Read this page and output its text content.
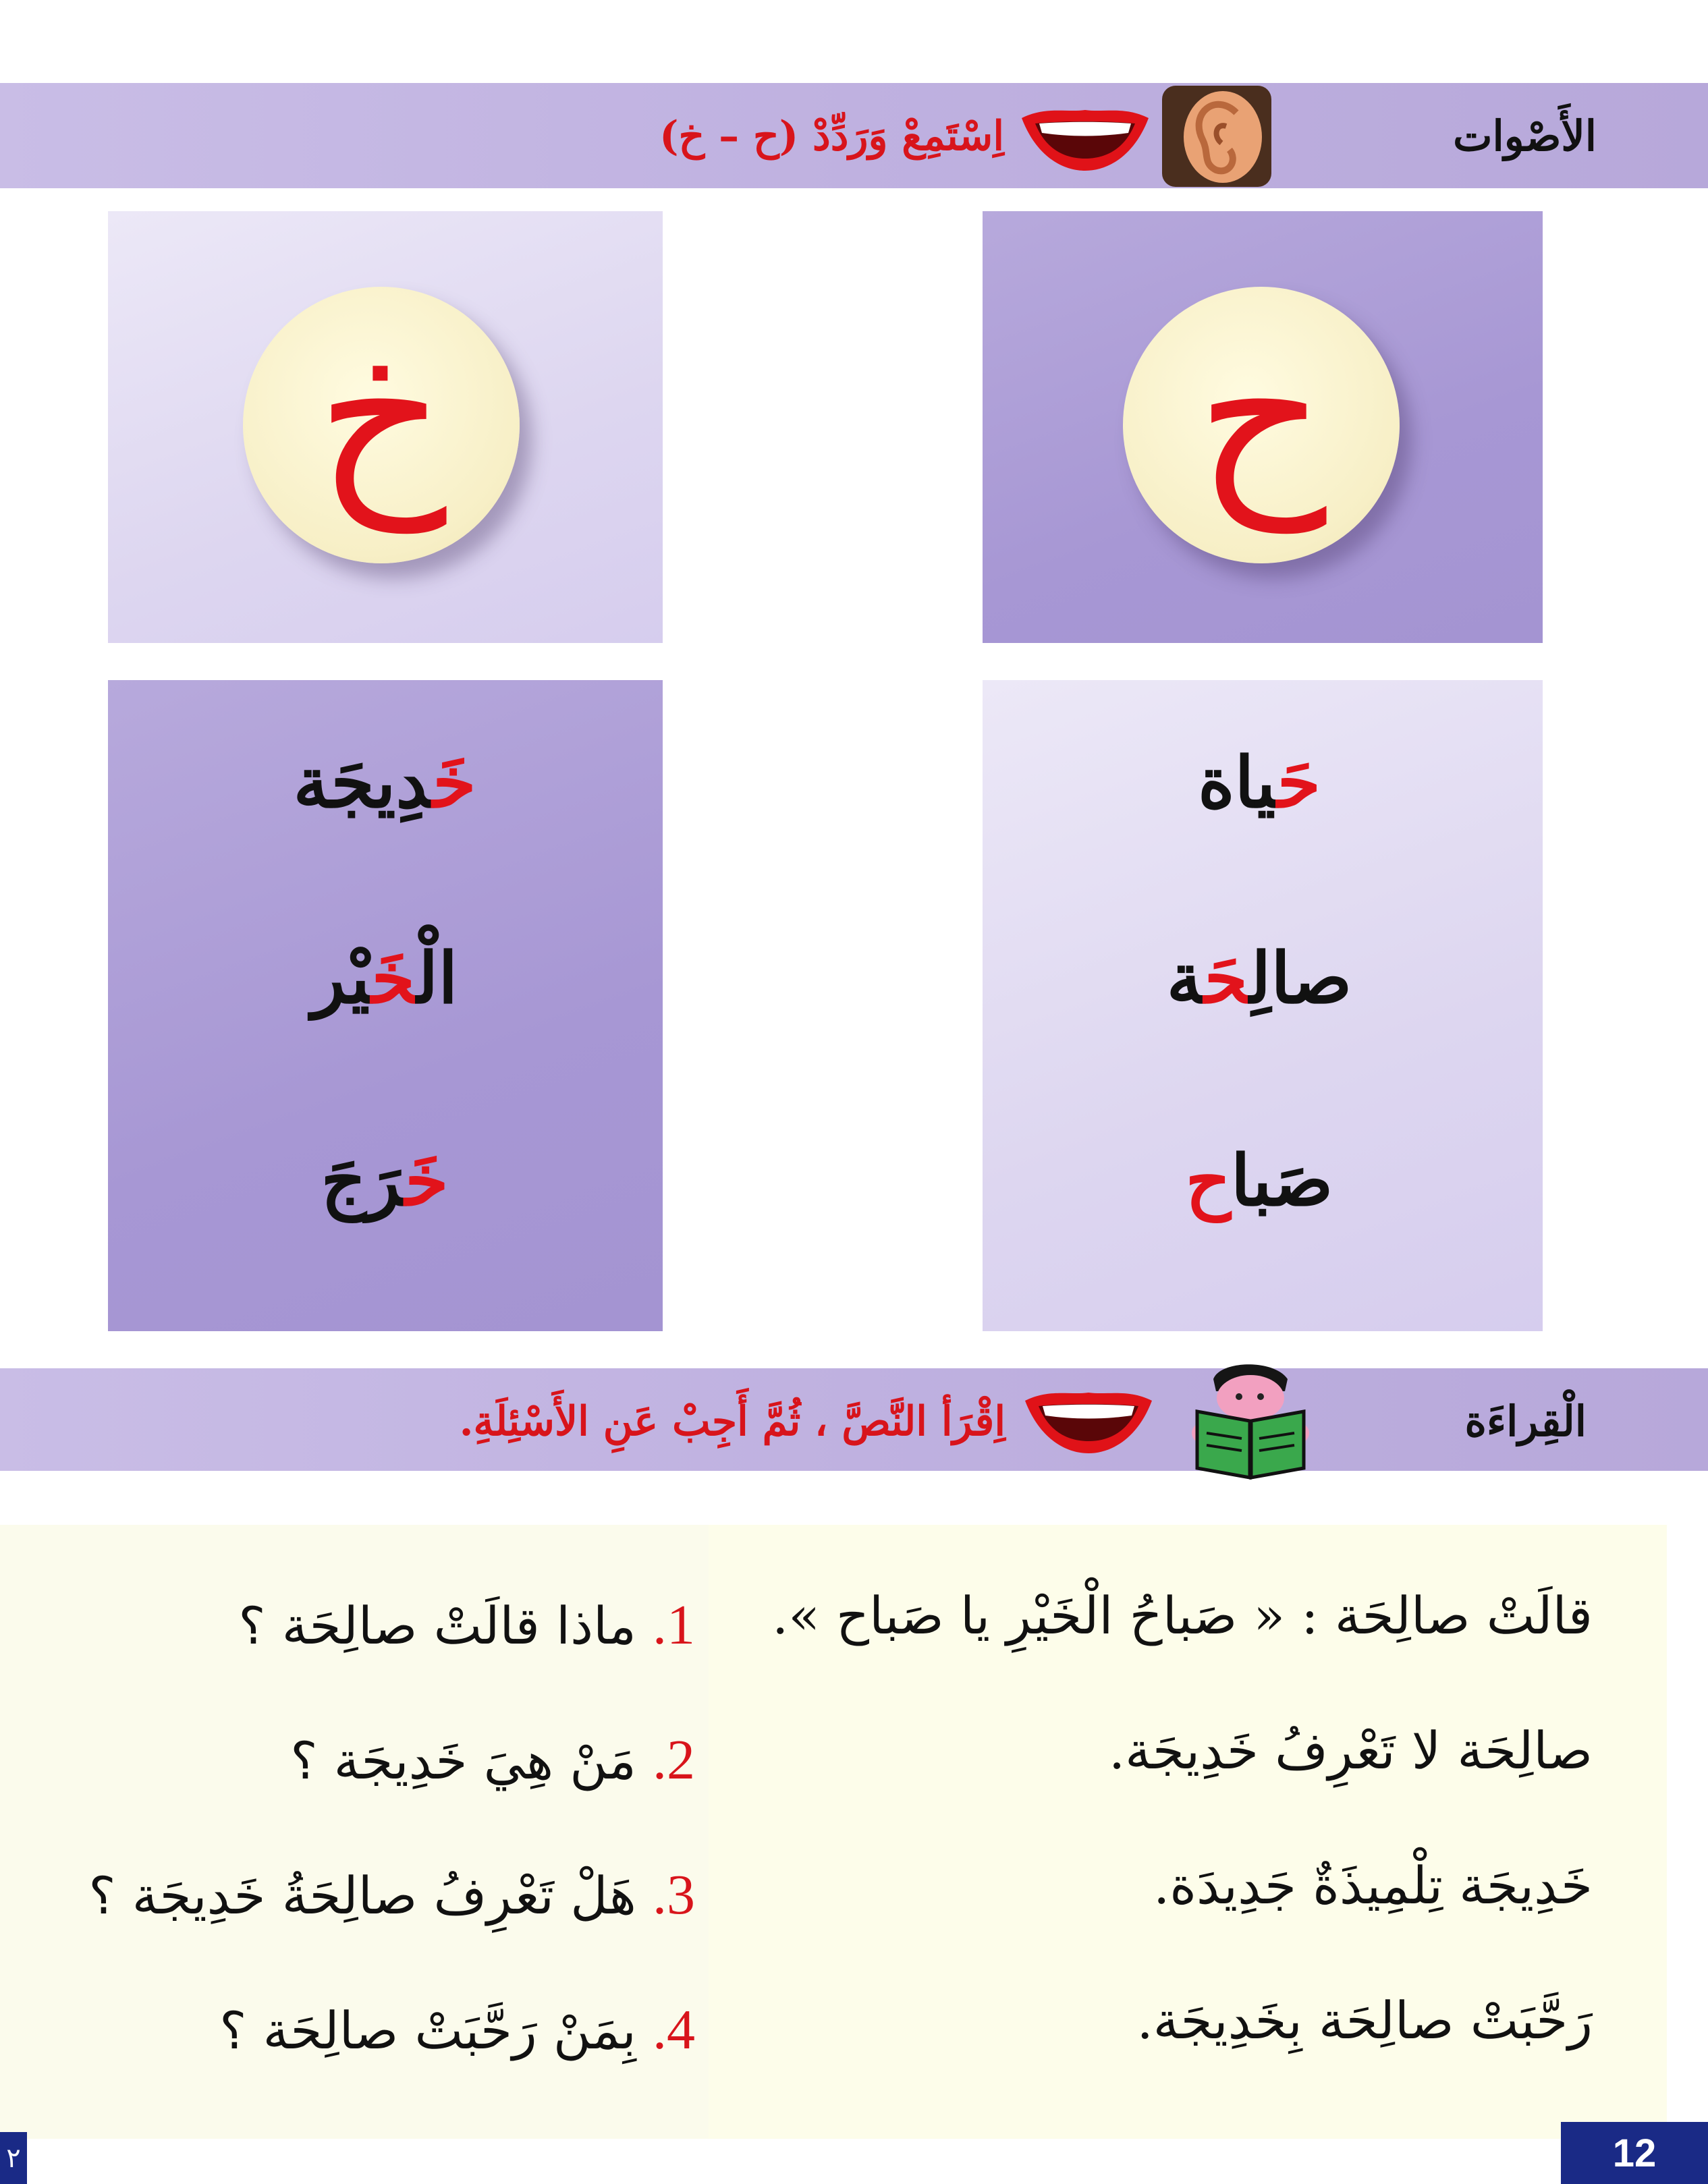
الأَصْوات
اِسْتَمِعْ وَرَدِّدْ (ح – خ)
ح
خ
حَياة
صالِحَة
صَباح
خَدِيجَة
الْخَيْر
خَرَجَ
الْقِراءَة
اِقْرَأ النَّصَّ ، ثُمَّ أَجِبْ عَنِ الأَسْئِلَةِ.
1. ماذا قالَتْ صالِحَة ؟
2. مَنْ هِيَ خَدِيجَة ؟
3. هَلْ تَعْرِفُ صالِحَةُ خَدِيجَة ؟
4. بِمَنْ رَحَّبَتْ صالِحَة ؟
قالَتْ صالِحَة : « صَباحُ الْخَيْرِ يا صَباح ».
صالِحَة لا تَعْرِفُ خَدِيجَة.
خَدِيجَة تِلْمِيذَةٌ جَدِيدَة.
رَحَّبَتْ صالِحَة بِخَدِيجَة.
12
٢
